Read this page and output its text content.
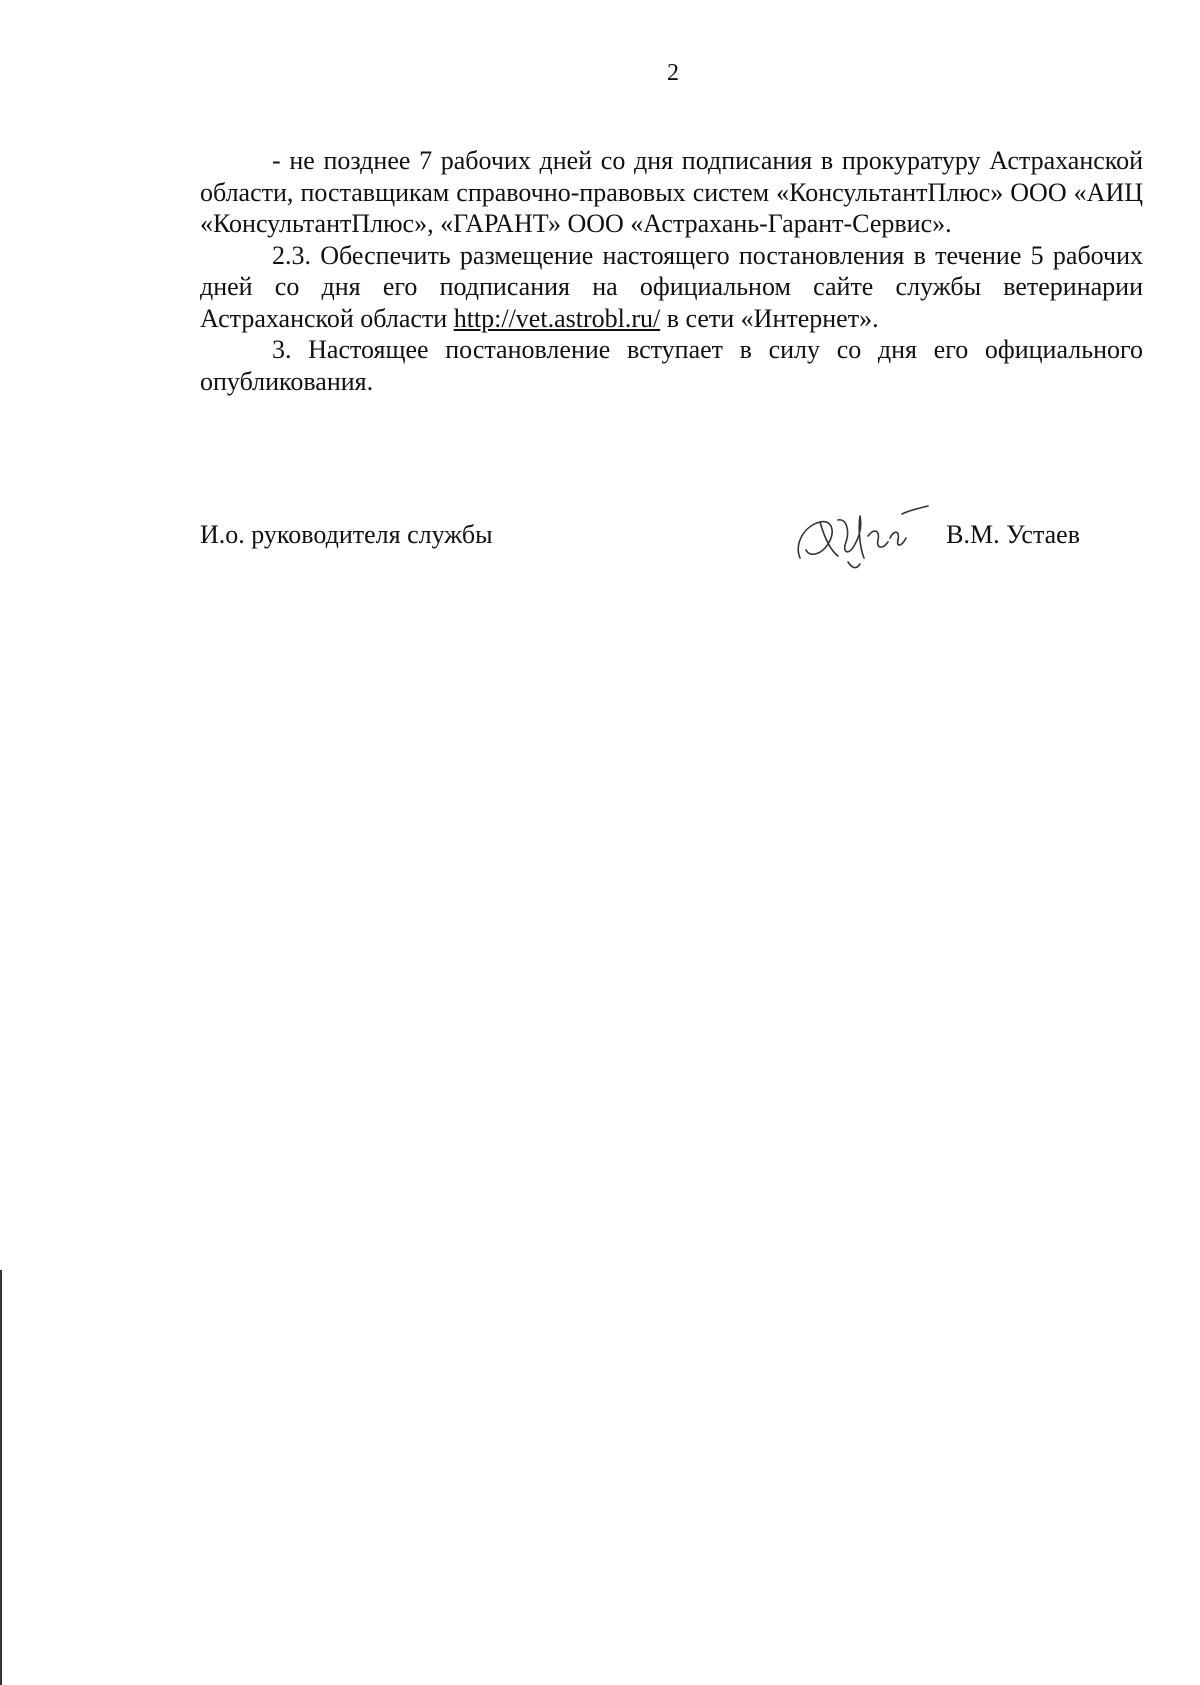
2

- не позднее 7 рабочих дней со дня подписания в прокуратуру Астраханской области, поставщикам справочно-правовых систем «КонсультантПлюс» ООО «АИЦ «КонсультантПлюс», «ГАРАНТ» ООО «Астрахань-Гарант-Сервис».

2.3. Обеспечить размещение настоящего постановления в течение 5 рабочих дней со дня его подписания на официальном сайте службы ветеринарии Астраханской области http://vet.astrobl.ru/ в сети «Интернет».

3. Настоящее постановление вступает в силу со дня его официального опубликования.

И.о. руководителя службы	В.М. Устаев
